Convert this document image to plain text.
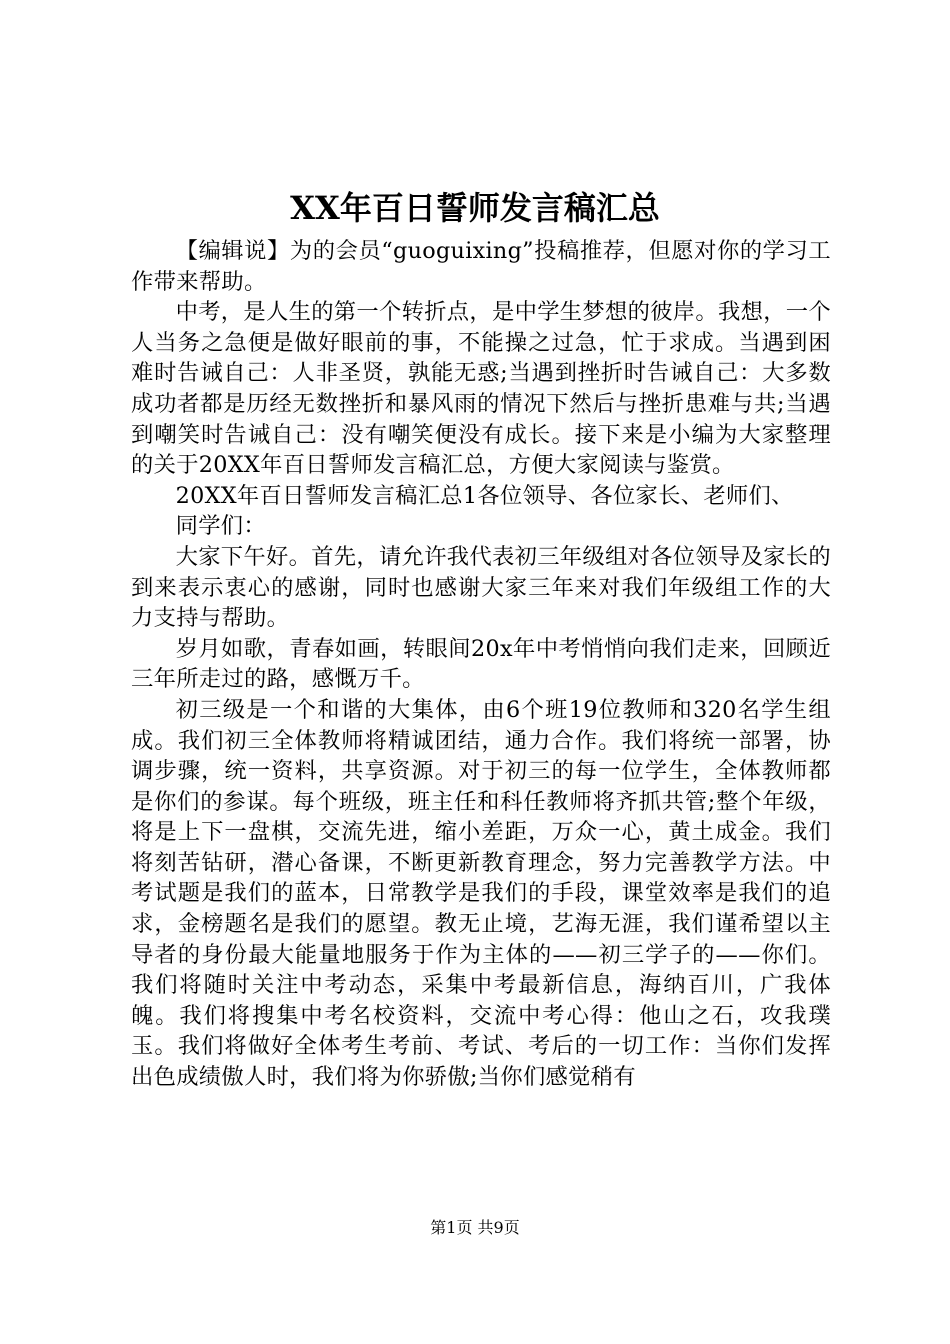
XX年百日誓师发言稿汇总

【编辑说】为的会员“guoguixing”投稿推荐，但愿对你的学习工作带来帮助。

中考，是人生的第一个转折点，是中学生梦想的彼岸。我想，一个人当务之急便是做好眼前的事，不能操之过急，忙于求成。当遇到困难时告诫自己：人非圣贤，孰能无惑;当遇到挫折时告诫自己：大多数成功者都是历经无数挫折和暴风雨的情况下然后与挫折患难与共;当遇到嘲笑时告诫自己：没有嘲笑便没有成长。接下来是小编为大家整理的关于20XX年百日誓师发言稿汇总，方便大家阅读与鉴赏。

20XX年百日誓师发言稿汇总1各位领导、各位家长、老师们、

同学们：

大家下午好。首先，请允许我代表初三年级组对各位领导及家长的到来表示衷心的感谢，同时也感谢大家三年来对我们年级组工作的大力支持与帮助。

岁月如歌，青春如画，转眼间20x年中考悄悄向我们走来，回顾近三年所走过的路，感慨万千。

初三级是一个和谐的大集体，由6个班19位教师和320名学生组成。我们初三全体教师将精诚团结，通力合作。我们将统一部署，协调步骤，统一资料，共享资源。对于初三的每一位学生，全体教师都是你们的参谋。每个班级，班主任和科任教师将齐抓共管;整个年级，将是上下一盘棋，交流先进，缩小差距，万众一心，黄土成金。我们将刻苦钻研，潜心备课，不断更新教育理念，努力完善教学方法。中考试题是我们的蓝本，日常教学是我们的手段，课堂效率是我们的追求，金榜题名是我们的愿望。教无止境，艺海无涯，我们谨希望以主导者的身份最大能量地服务于作为主体的——初三学子的——你们。我们将随时关注中考动态，采集中考最新信息，海纳百川，广我体魄。我们将搜集中考名校资料，交流中考心得：他山之石，攻我璞玉。我们将做好全体考生考前、考试、考后的一切工作：当你们发挥出色成绩傲人时，我们将为你骄傲;当你们感觉稍有

第1页 共9页
